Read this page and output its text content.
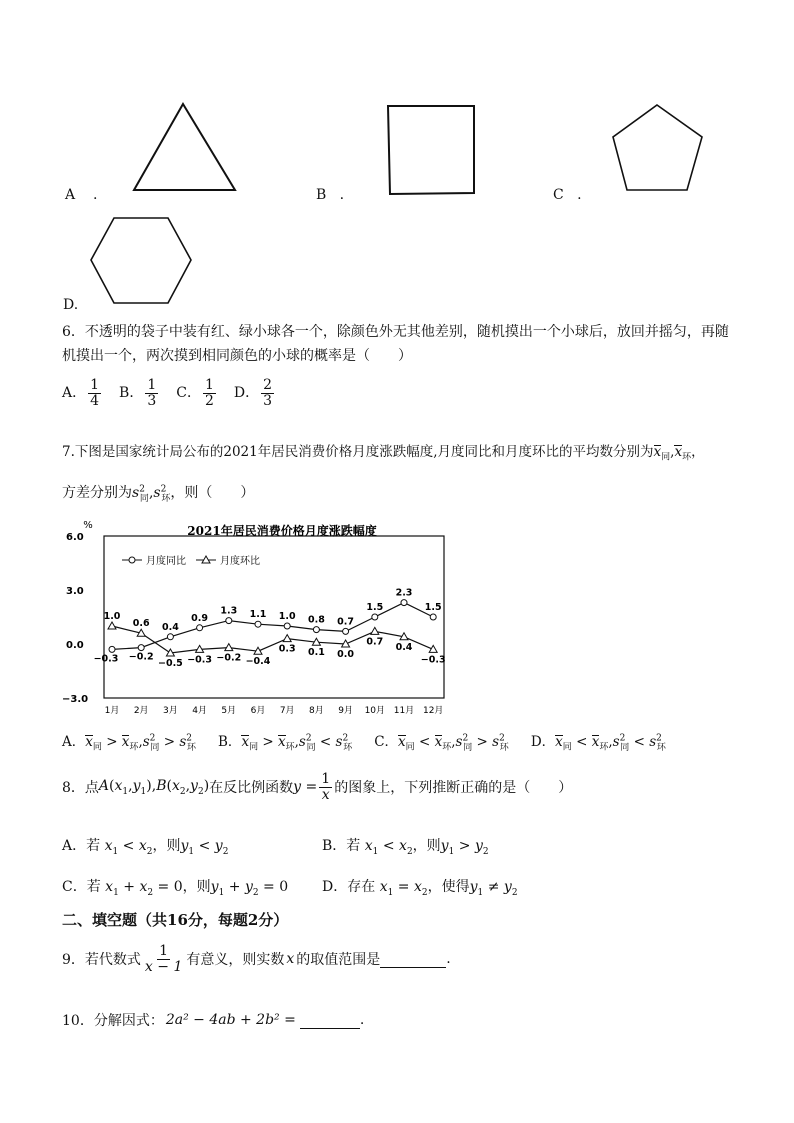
A .	B .	C .
D.
6．不透明的袋子中装有红、绿小球各一个，除颜色外无其他差别，随机摸出一个小球后，放回并摇匀，再随
机摸出一个，两次摸到相同颜色的小球的概率是（　　）
A． $\frac{1}{4}$ B． $\frac{1}{3}$ C． $\frac{1}{2}$ D． $\frac{2}{3}$
7.下图是国家统计局公布的2021年居民消费价格月度涨跌幅度,月度同比和月度环比的平均数分别为$x_同,x_环$，
方差分别为$s^2_同,s^2_环$，则（　　）
2021年居民消费价格月度涨跌幅度
%
6.0
3.0
0.0
−3.0
月度同比	月度环比
1月 2月 3月 4月 5月 6月 7月 8月 9月 10月 11月 12月
−0.3 −0.2
0.4
0.9
1.3 1.1 1.0 0.8 0.7
1.5
2.3
1.5
1.0
0.6
−0.5 −0.3 −0.2 −0.4
0.3 0.1 0.0
0.7 0.4
−0.3
A．$x_同 > x_环,s^2_同 > s^2_环$ B．$x_同 > x_环,s^2_同 < s^2_环$ C．$x_同 < x_环,s^2_同 > s^2_环$ D．$x_同 < x_环,s^2_同 < s^2_环$
8．点 $A(x_1,y_1),B(x_2,y_2)$ 在反比例函数 $y = \frac{1}{x}$ 的图象上，下列推断正确的是（　　）
A．若 $x_1 < x_2$，则$y_1 < y_2$	B．若 $x_1 < x_2$，则$y_1 > y_2$
C．若 $x_1 + x_2 = 0$，则$y_1 + y_2 = 0$ D．存在 $x_1 = x_2$，使得$y_1 \ne y_2$
二、填空题（共16分，每题2分）
9．若代数式 $\frac{1}{x - 1}$ 有意义，则实数 x 的取值范围是	.
10．分解因式： 2a² − 4ab + 2b² =	.
